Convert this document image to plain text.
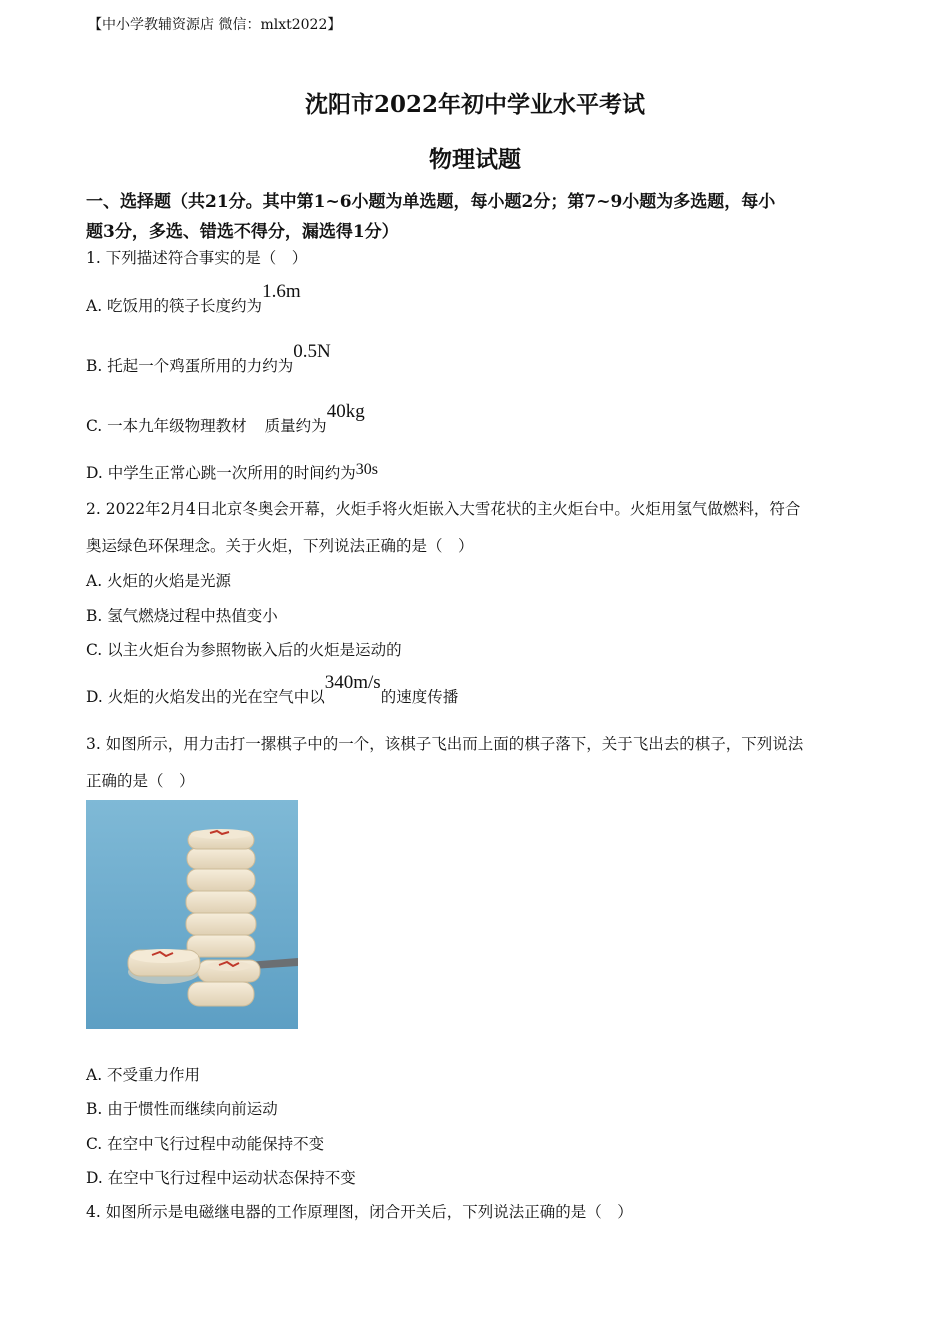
【中小学教辅资源店 微信：mlxt2022】
沈阳市2022年初中学业水平考试
物理试题
一、选择题（共21分。其中第1~6小题为单选题，每小题2分；第7~9小题为多选题，每小
题3分，多选、错选不得分，漏选得1分）
1. 下列描述符合事实的是（　）
A. 吃饭用的筷子长度约为1.6m
B. 托起一个鸡蛋所用的力约为0.5N
C. 一本九年级物理教材 质量约为40kg
D. 中学生正常心跳一次所用的时间约为30s
2. 2022年2月4日北京冬奥会开幕，火炬手将火炬嵌入大雪花状的主火炬台中。火炬用氢气做燃料，符合
奥运绿色环保理念。关于火炬，下列说法正确的是（　）
A. 火炬的火焰是光源
B. 氢气燃烧过程中热值变小
C. 以主火炬台为参照物嵌入后的火炬是运动的
D. 火炬的火焰发出的光在空气中以340m/s的速度传播
3. 如图所示，用力击打一摞棋子中的一个，该棋子飞出而上面的棋子落下，关于飞出去的棋子，下列说法
正确的是（　）
A. 不受重力作用
B. 由于惯性而继续向前运动
C. 在空中飞行过程中动能保持不变
D. 在空中飞行过程中运动状态保持不变
4. 如图所示是电磁继电器的工作原理图，闭合开关后，下列说法正确的是（　）
